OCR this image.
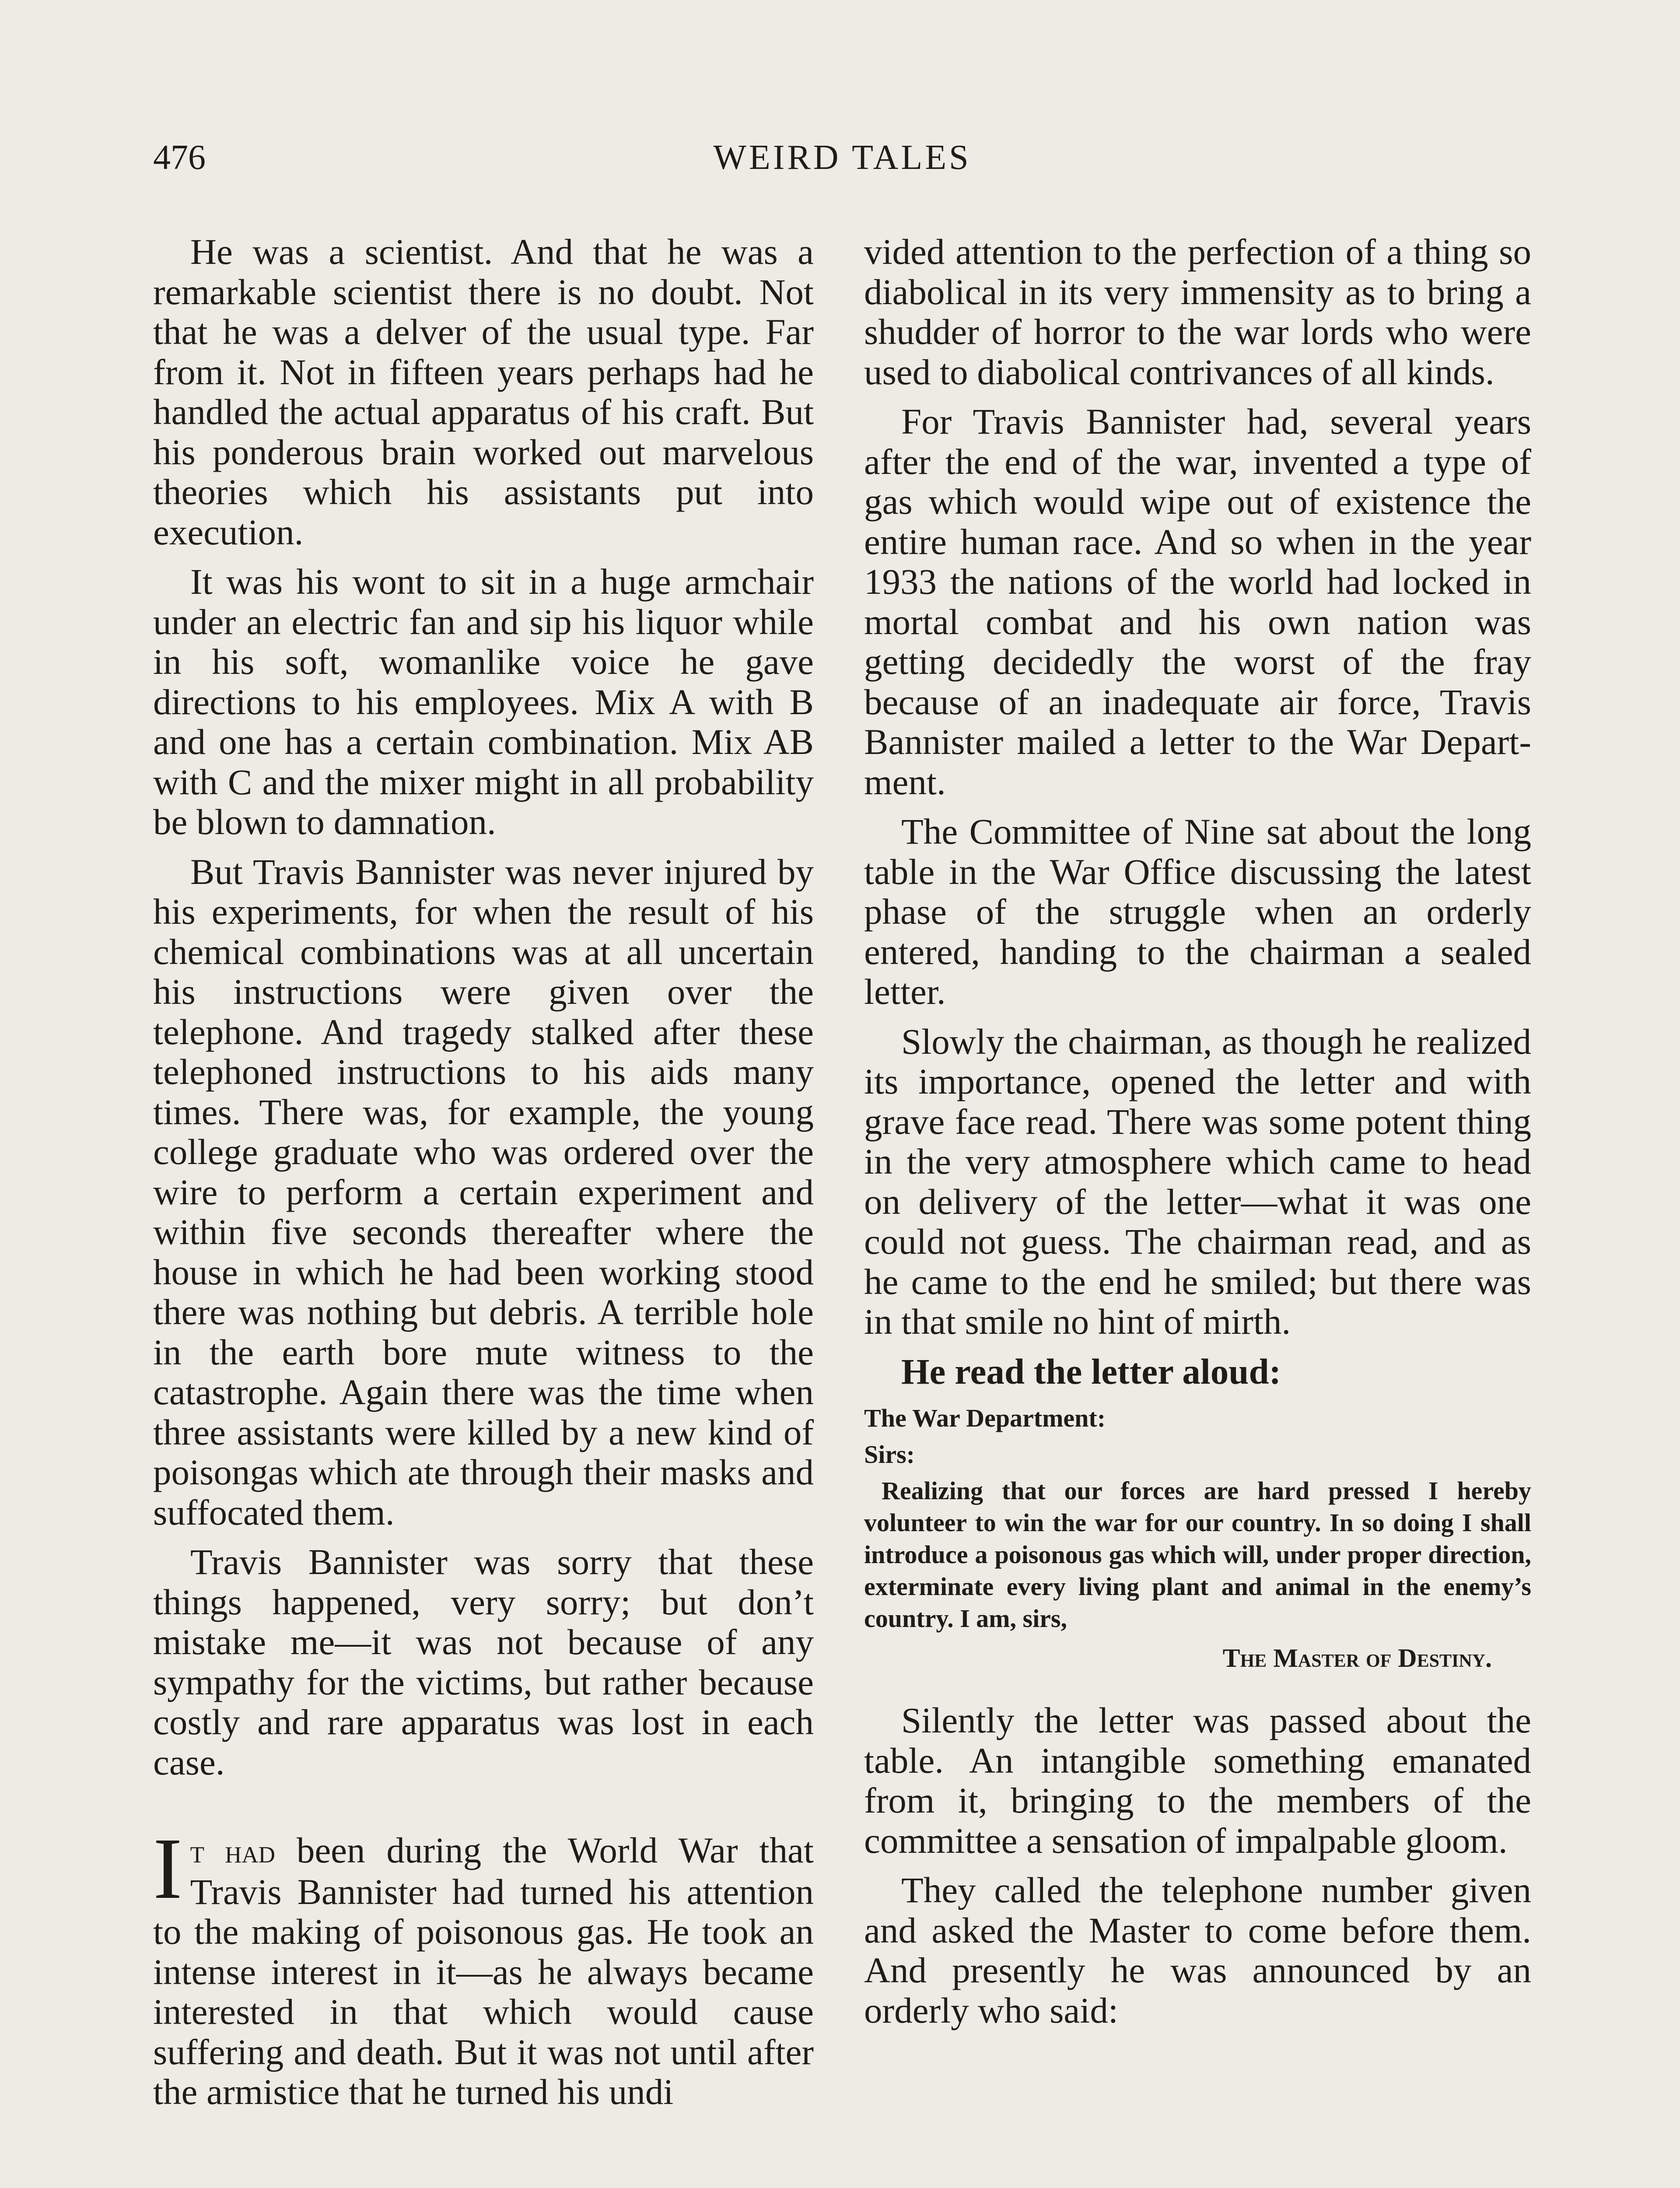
476	WEIRD TALES

He was a scientist. And that he was a remarkable scientist there is no doubt. Not that he was a delver of the usual type. Far from it. Not in fifteen years perhaps had he handled the actual apparatus of his craft. But his ponderous brain worked out marvelous theories which his assistants put into execution.

It was his wont to sit in a huge armchair under an electric fan and sip his liquor while in his soft, womanlike voice he gave directions to his employees. Mix A with B and one has a certain combination. Mix AB with C and the mixer might in all probability be blown to damnation.

But Travis Bannister was never injured by his experiments, for when the result of his chemical combinations was at all uncertain his instructions were given over the telephone. And tragedy stalked after these telephoned instructions to his aids many times. There was, for example, the young college graduate who was ordered over the wire to perform a certain experiment and within five seconds thereafter where the house in which he had been working stood there was nothing but debris. A terrible hole in the earth bore mute witness to the catastrophe. Again there was the time when three assistants were killed by a new kind of poisongas which ate through their masks and suffocated them.

Travis Bannister was sorry that these things happened, very sorry; but don’t mistake me—it was not because of any sympathy for the victims, but rather because costly and rare apparatus was lost in each case.

It had been during the World War that Travis Bannister had turned his attention to the making of poisonous gas. He took an intense interest in it—as he always became interested in that which would cause suffering and death. But it was not until after the armistice that he turned his undi

vided attention to the perfection of a thing so diabolical in its very immensity as to bring a shudder of horror to the war lords who were used to diabolical contrivances of all kinds.

For Travis Bannister had, several years after the end of the war, invented a type of gas which would wipe out of existence the entire human race. And so when in the year 1933 the nations of the world had locked in mortal combat and his own nation was getting decidedly the worst of the fray because of an inadequate air force, Travis Bannister mailed a letter to the War Department.

The Committee of Nine sat about the long table in the War Office discussing the latest phase of the struggle when an orderly entered, handing to the chairman a sealed letter.

Slowly the chairman, as though he realized its importance, opened the letter and with grave face read. There was some potent thing in the very atmosphere which came to head on delivery of the letter—what it was one could not guess. The chairman read, and as he came to the end he smiled; but there was in that smile no hint of mirth.

He read the letter aloud:

The War Department:

Sirs:

Realizing that our forces are hard pressed I hereby volunteer to win the war for our country. In so doing I shall introduce a poisonous gas which will, under proper direction, exterminate every living plant and animal in the enemy’s country. I am, sirs,

The Master of Destiny.

Silently the letter was passed about the table. An intangible something emanated from it, bringing to the members of the committee a sensation of impalpable gloom.

They called the telephone number given and asked the Master to come before them. And presently he was announced by an orderly who said:
